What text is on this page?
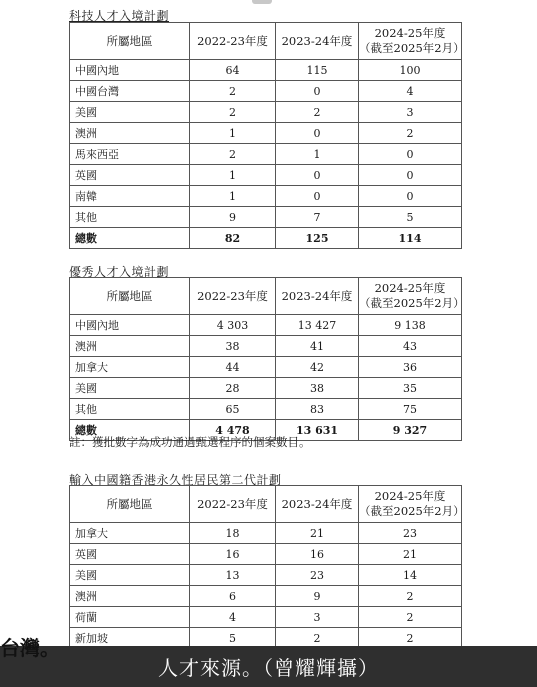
科技人才入境計劃
所屬地區	2022-23年度	2023-24年度	2024-25年度
（截至2025年2月）
中國內地	64	115	100
中國台灣	2	0	4
美國	2	2	3
澳洲	1	0	2
馬來西亞	2	1	0
英國	1	0	0
南韓	1	0	0
其他	9	7	5
總數	82	125	114
優秀人才入境計劃
所屬地區	2022-23年度	2023-24年度	2024-25年度
（截至2025年2月）
中國內地	4 303	13 427	9 138
澳洲	38	41	43
加拿大	44	42	36
美國	28	38	35
其他	65	83	75
總數	4 478	13 631	9 327
註：獲批數字為成功通過甄選程序的個案數目。
輸入中國籍香港永久性居民第二代計劃
所屬地區	2022-23年度	2023-24年度	2024-25年度
（截至2025年2月）
加拿大	18	21	23
英國	16	16	21
美國	13	23	14
澳洲	6	9	2
荷蘭	4	3	2
新加坡	5	2	2
台灣。
人才來源。（曾耀輝攝）
